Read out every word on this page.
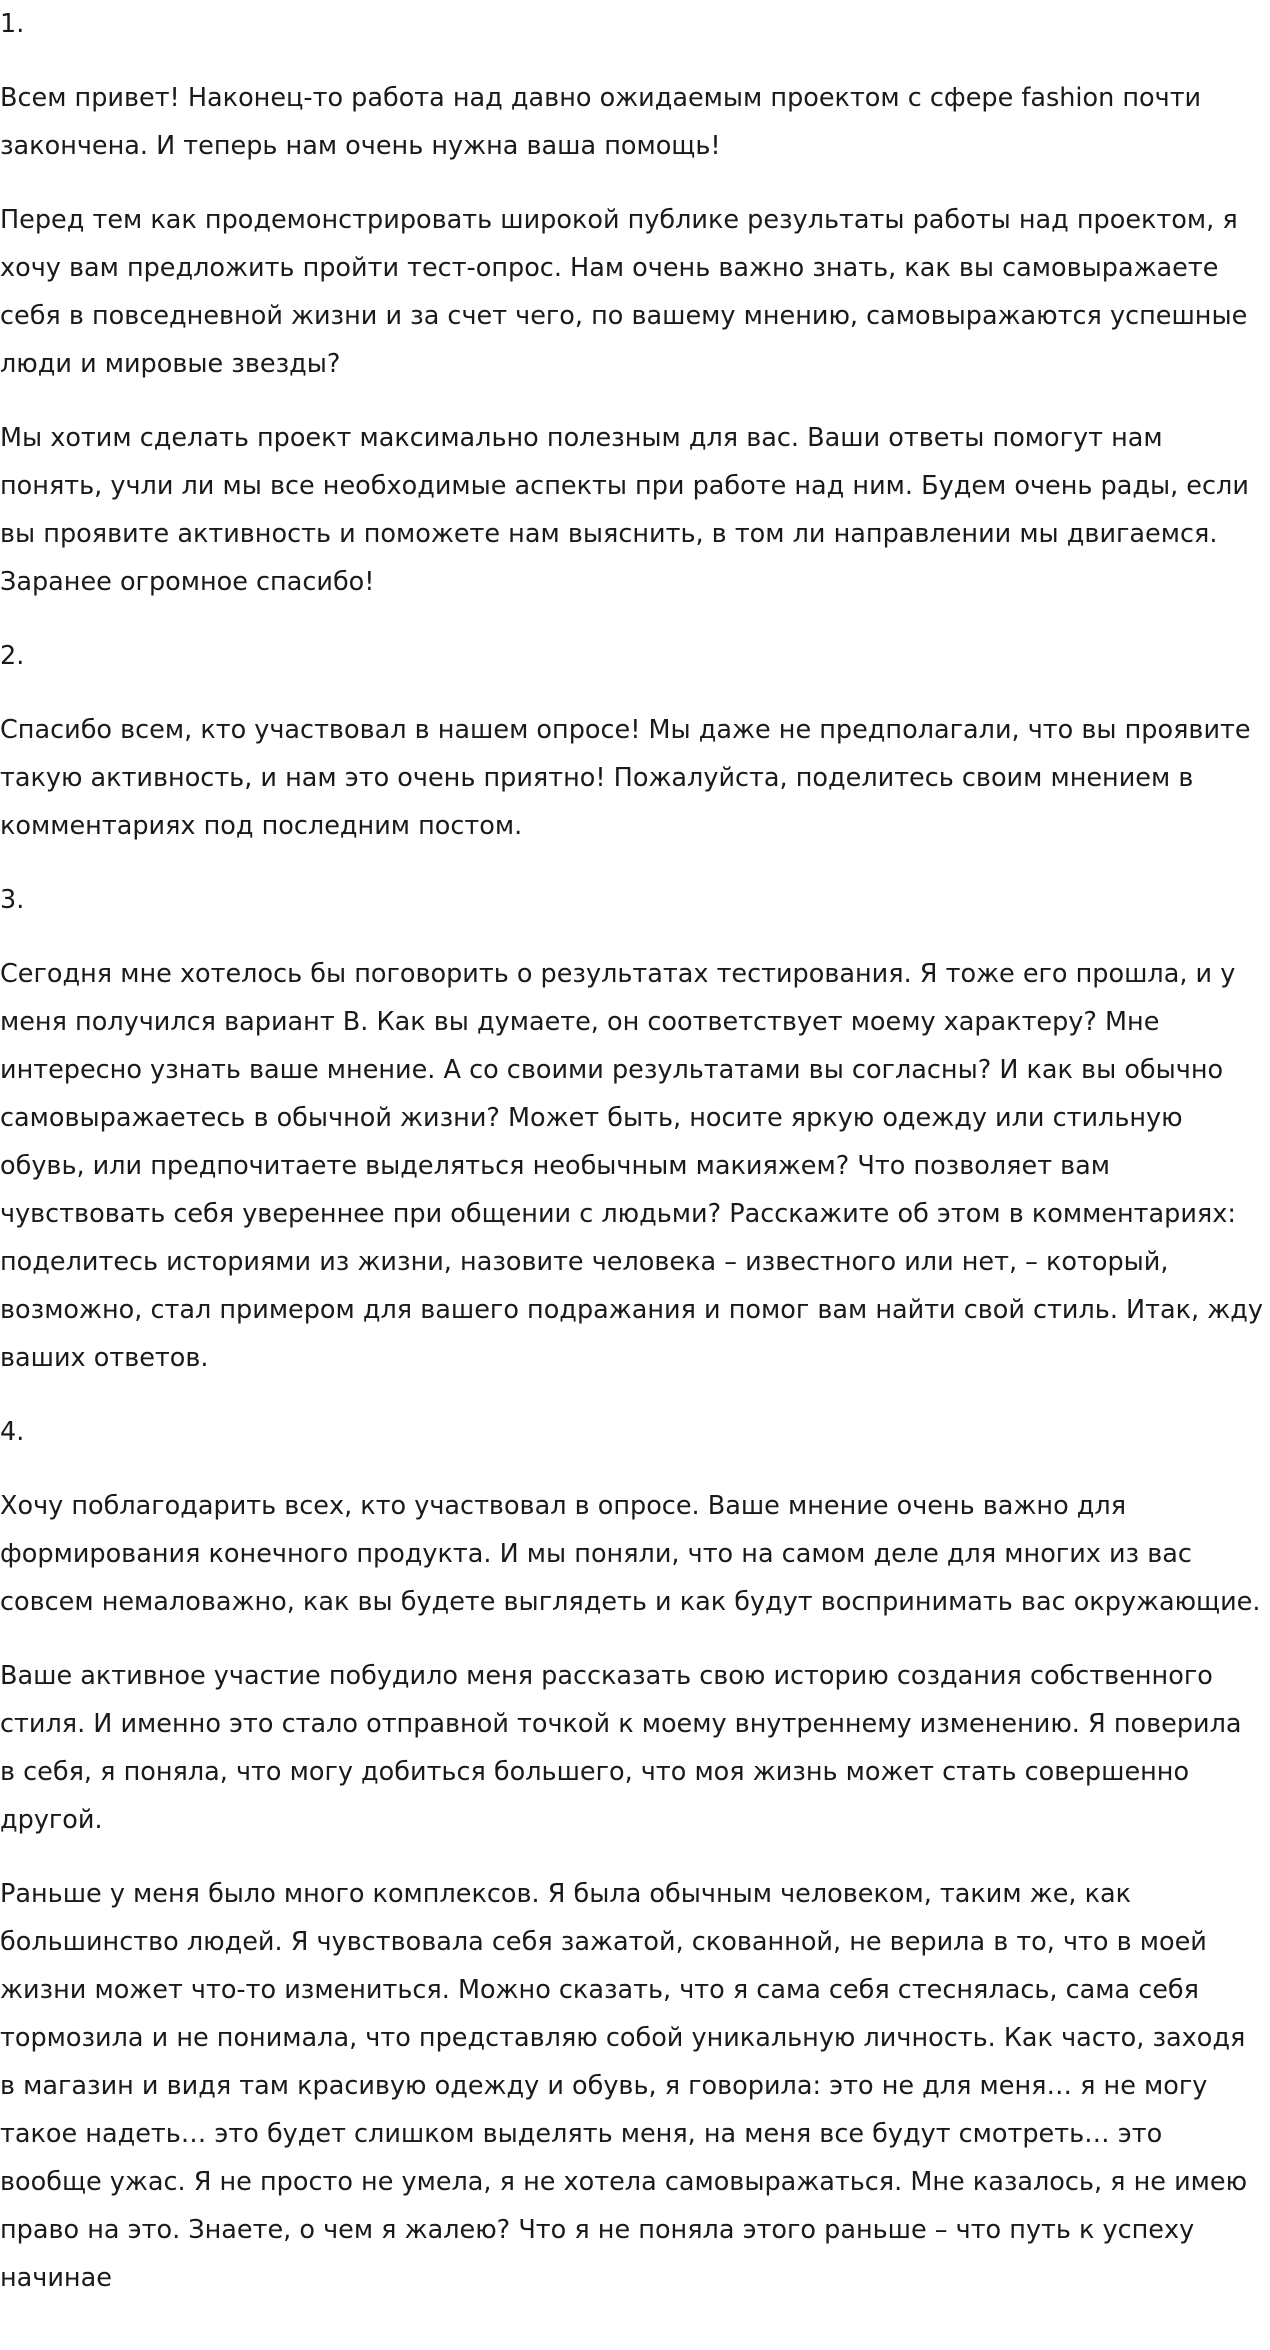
1.

Всем привет! Наконец-то работа над давно ожидаемым проектом с сфере fashion почти закончена. И теперь нам очень нужна ваша помощь!

Перед тем как продемонстрировать широкой публике результаты работы над проектом, я хочу вам предложить пройти тест-опрос. Нам очень важно знать, как вы самовыражаете себя в повседневной жизни и за счет чего, по вашему мнению, самовыражаются успешные люди и мировые звезды?

Мы хотим сделать проект максимально полезным для вас. Ваши ответы помогут нам понять, учли ли мы все необходимые аспекты при работе над ним. Будем очень рады, если вы проявите активность и поможете нам выяснить, в том ли направлении мы двигаемся. Заранее огромное спасибо!

2.

Спасибо всем, кто участвовал в нашем опросе! Мы даже не предполагали, что вы проявите такую активность, и нам это очень приятно! Пожалуйста, поделитесь своим мнением в комментариях под последним постом.

3.

Сегодня мне хотелось бы поговорить о результатах тестирования. Я тоже его прошла, и у меня получился вариант B. Как вы думаете, он соответствует моему характеру? Мне интересно узнать ваше мнение. А со своими результатами вы согласны? И как вы обычно самовыражаетесь в обычной жизни? Может быть, носите яркую одежду или стильную обувь, или предпочитаете выделяться необычным макияжем? Что позволяет вам чувствовать себя увереннее при общении с людьми? Расскажите об этом в комментариях: поделитесь историями из жизни, назовите человека – известного или нет, – который, возможно, стал примером для вашего подражания и помог вам найти свой стиль. Итак, жду ваших ответов.

4.

Хочу поблагодарить всех, кто участвовал в опросе. Ваше мнение очень важно для формирования конечного продукта. И мы поняли, что на самом деле для многих из вас совсем немаловажно, как вы будете выглядеть и как будут воспринимать вас окружающие.

Ваше активное участие побудило меня рассказать свою историю создания собственного стиля. И именно это стало отправной точкой к моему внутреннему изменению. Я поверила в себя, я поняла, что могу добиться большего, что моя жизнь может стать совершенно другой.

Раньше у меня было много комплексов. Я была обычным человеком, таким же, как большинство людей. Я чувствовала себя зажатой, скованной, не верила в то, что в моей жизни может что-то измениться. Можно сказать, что я сама себя стеснялась, сама себя тормозила и не понимала, что представляю собой уникальную личность. Как часто, заходя в магазин и видя там красивую одежду и обувь, я говорила: это не для меня… я не могу такое надеть… это будет слишком выделять меня, на меня все будут смотреть… это вообще ужас. Я не просто не умела, я не хотела самовыражаться. Мне казалось, я не имею право на это. Знаете, о чем я жалею? Что я не поняла этого раньше – что путь к успеху начинае
